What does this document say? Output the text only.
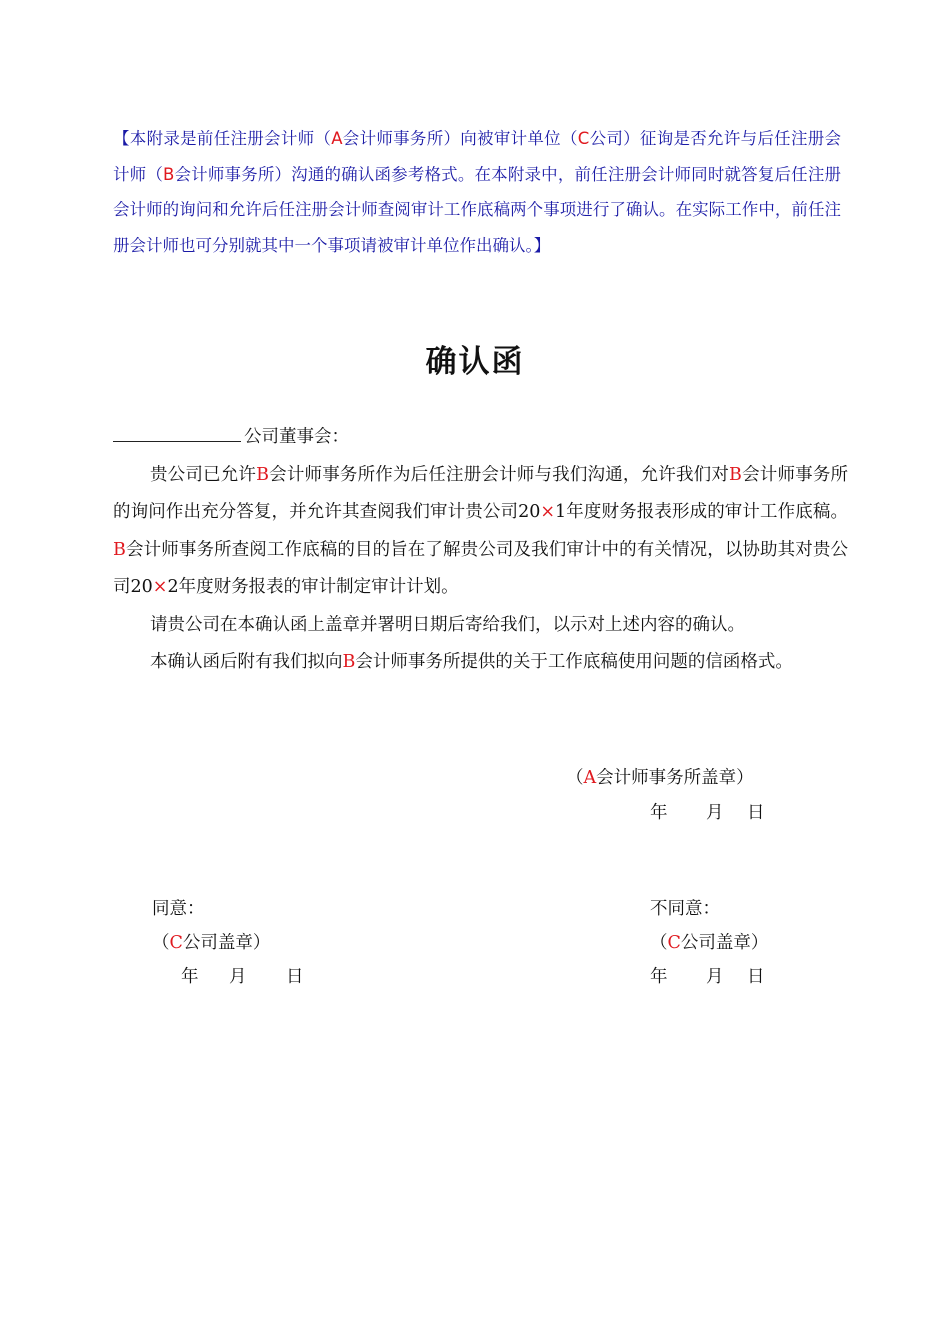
【本附录是前任注册会计师（A会计师事务所）向被审计单位（C公司）征询是否允许与后任注册会计师（B会计师事务所）沟通的确认函参考格式。在本附录中，前任注册会计师同时就答复后任注册会计师的询问和允许后任注册会计师查阅审计工作底稿两个事项进行了确认。在实际工作中，前任注册会计师也可分别就其中一个事项请被审计单位作出确认。】
确认函

公司董事会：

贵公司已允许B会计师事务所作为后任注册会计师与我们沟通，允许我们对B会计师事务所的询问作出充分答复，并允许其查阅我们审计贵公司20×1年度财务报表形成的审计工作底稿。B会计师事务所查阅工作底稿的目的旨在了解贵公司及我们审计中的有关情况，以协助其对贵公司20×2年度财务报表的审计制定审计计划。

请贵公司在本确认函上盖章并署明日期后寄给我们，以示对上述内容的确认。

本确认函后附有我们拟向B会计师事务所提供的关于工作底稿使用问题的信函格式。

（A会计师事务所盖章）
年 月 日
同意：
（C公司盖章）
年 月 日
不同意：
（C公司盖章）
年 月 日
